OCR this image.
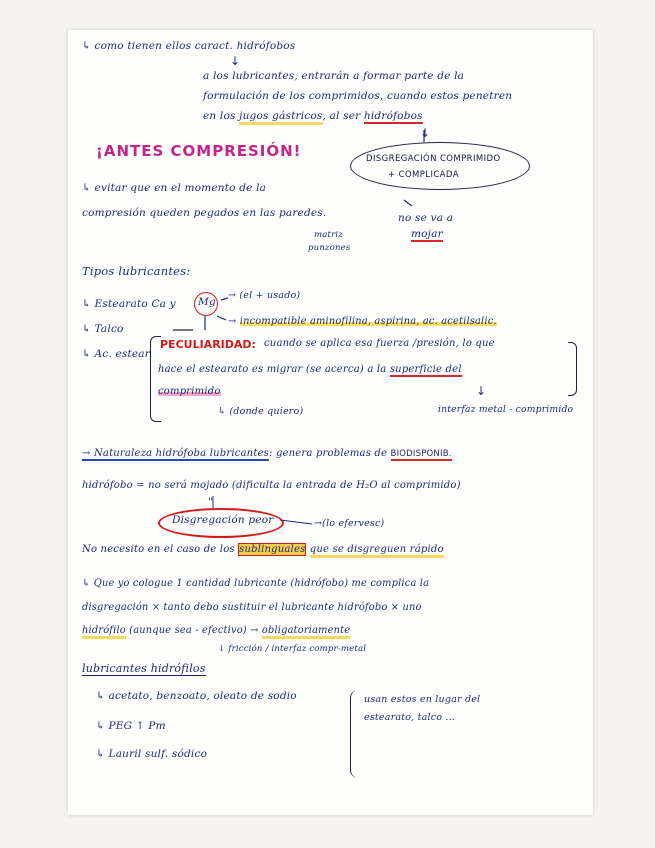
↳ como tienen ellos caract. hidrófobos
↓
a los lubricantes, entrarán a formar parte de la
formulación de los comprimidos, cuando estos penetren
en los jugos gástricos, al ser hidrófobos
↓
¡ANTES COMPRESIÓN!	DISGREGACIÓN COMPRIMIDO
+ COMPLICADA
↳ evitar que en el momento de la
compresión queden pegados en las paredes.
matriz
punzones
no se va a
mojar
Tipos lubricantes:
↳ Estearato Ca y Mg
→ (el + usado)
→ incompatible aminofilina, aspirina, ac. acetilsalic.
↳ Talco
↳ Ac. estear.
PECULIARIDAD: cuando se aplica esa fuerza /presión, lo que
hace el estearato es migrar (se acerca) a la superficie del
comprimido
↳ (donde quiero)
↓
interfaz metal - comprimido
→ Naturaleza hidrófoba lubricantes: genera problemas de BIODISPONIB.
hidrófobo = no será mojado (dificulta la entrada de H₂O al comprimido)
"
Disgregación peor	→(lo efervesc)
No necesito en el caso de los sublinguales que se disgreguen rápido
↳ Que yo cologue 1 cantidad lubricante (hidrófobo) me complica la
disgregación × tanto debo sustituir el lubricante hidrófobo × uno
hidrófilo (aunque sea - efectivo) → obligatoriamente
↓ fricción / interfaz compr-metal
lubricantes hidrófilos
↳ acetato, benzoato, oleato de sodio
↳ PEG ↑ Pm
↳ Lauril sulf. sódico
usan estos en lugar del
estearato, talco ...
